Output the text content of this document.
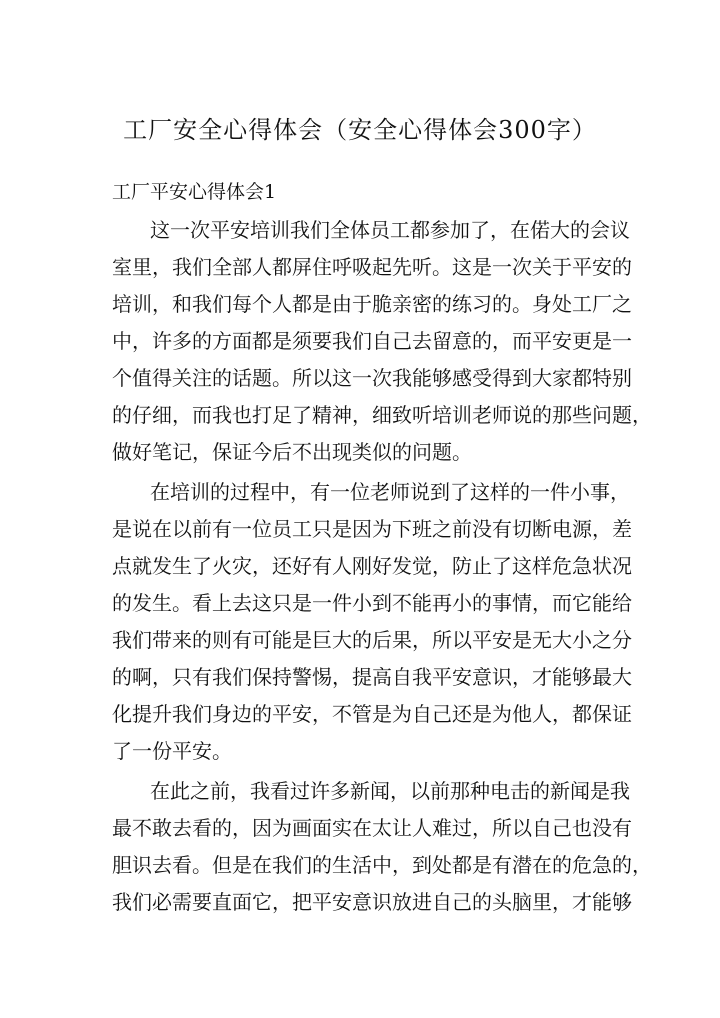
工厂安全心得体会（安全心得体会300字）
工厂平安心得体会1
这一次平安培训我们全体员工都参加了，在偌大的会议
室里，我们全部人都屏住呼吸起先听。这是一次关于平安的
培训，和我们每个人都是由于脆亲密的练习的。身处工厂之
中，许多的方面都是须要我们自己去留意的，而平安更是一
个值得关注的话题。所以这一次我能够感受得到大家都特别
的仔细，而我也打足了精神，细致听培训老师说的那些问题，
做好笔记，保证今后不出现类似的问题。
在培训的过程中，有一位老师说到了这样的一件小事，
是说在以前有一位员工只是因为下班之前没有切断电源，差
点就发生了火灾，还好有人刚好发觉，防止了这样危急状况
的发生。看上去这只是一件小到不能再小的事情，而它能给
我们带来的则有可能是巨大的后果，所以平安是无大小之分
的啊，只有我们保持警惕，提高自我平安意识，才能够最大
化提升我们身边的平安，不管是为自己还是为他人，都保证
了一份平安。
在此之前，我看过许多新闻，以前那种电击的新闻是我
最不敢去看的，因为画面实在太让人难过，所以自己也没有
胆识去看。但是在我们的生活中，到处都是有潜在的危急的，
我们必需要直面它，把平安意识放进自己的头脑里，才能够
